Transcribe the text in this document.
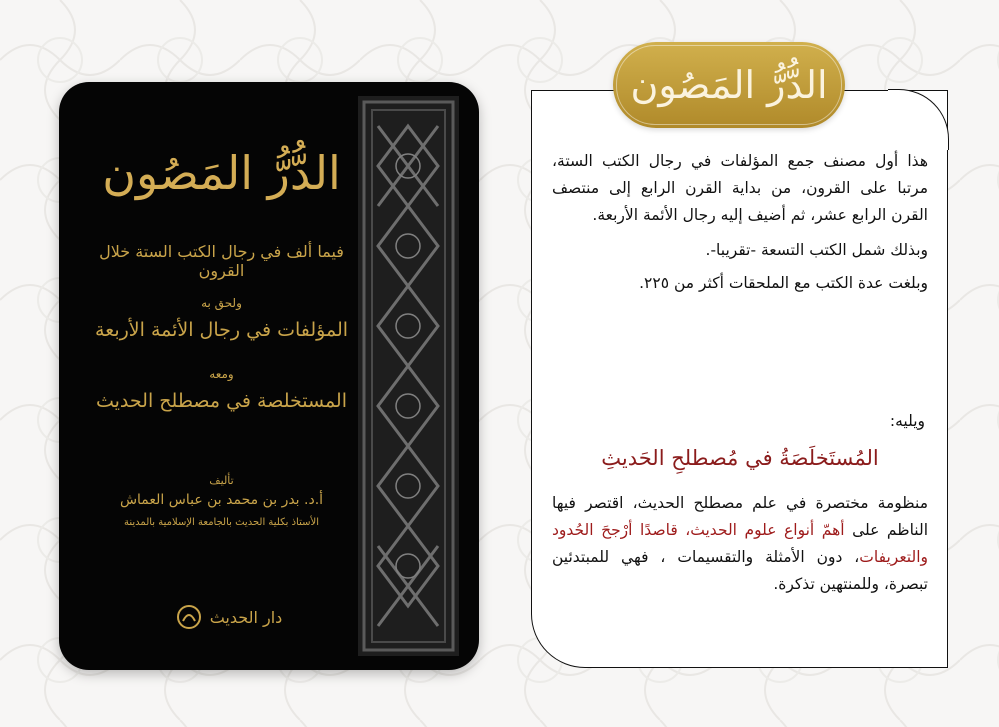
الدُّرُّ المَصُون
فيما ألف في رجال الكتب الستة خلال القرون
ولحق به
المؤلفات في رجال الأئمة الأربعة
ومعه
المستخلصة في مصطلح الحديث
تأليف
أ.د. بدر بن محمد بن عباس العماش
الأستاذ بكلية الحديث بالجامعة الإسلامية بالمدينة
دار الحديث
الدُّرُّ المَصُون

هذا أول مصنف جمع المؤلفات في رجال الكتب الستة، مرتبا على القرون، من بداية القرن الرابع إلى منتصف القرن الرابع عشر، ثم أضيف إليه رجال الأئمة الأربعة.

وبذلك شمل الكتب التسعة -تقريبا-.

وبلغت عدة الكتب مع الملحقات أكثر من ٢٢٥.

ويليه:
المُستَخلَصَةُ في مُصطلحِ الحَديثِ

منظومة مختصرة في علم مصطلح الحديث، اقتصر فيها الناظم على أهمّ أنواع علوم الحديث، قاصدًا أرْجحَ الحُدود والتعريفات، دون الأمثلة والتقسيمات ، فهي للمبتدئين تبصرة، وللمنتهين تذكرة.
